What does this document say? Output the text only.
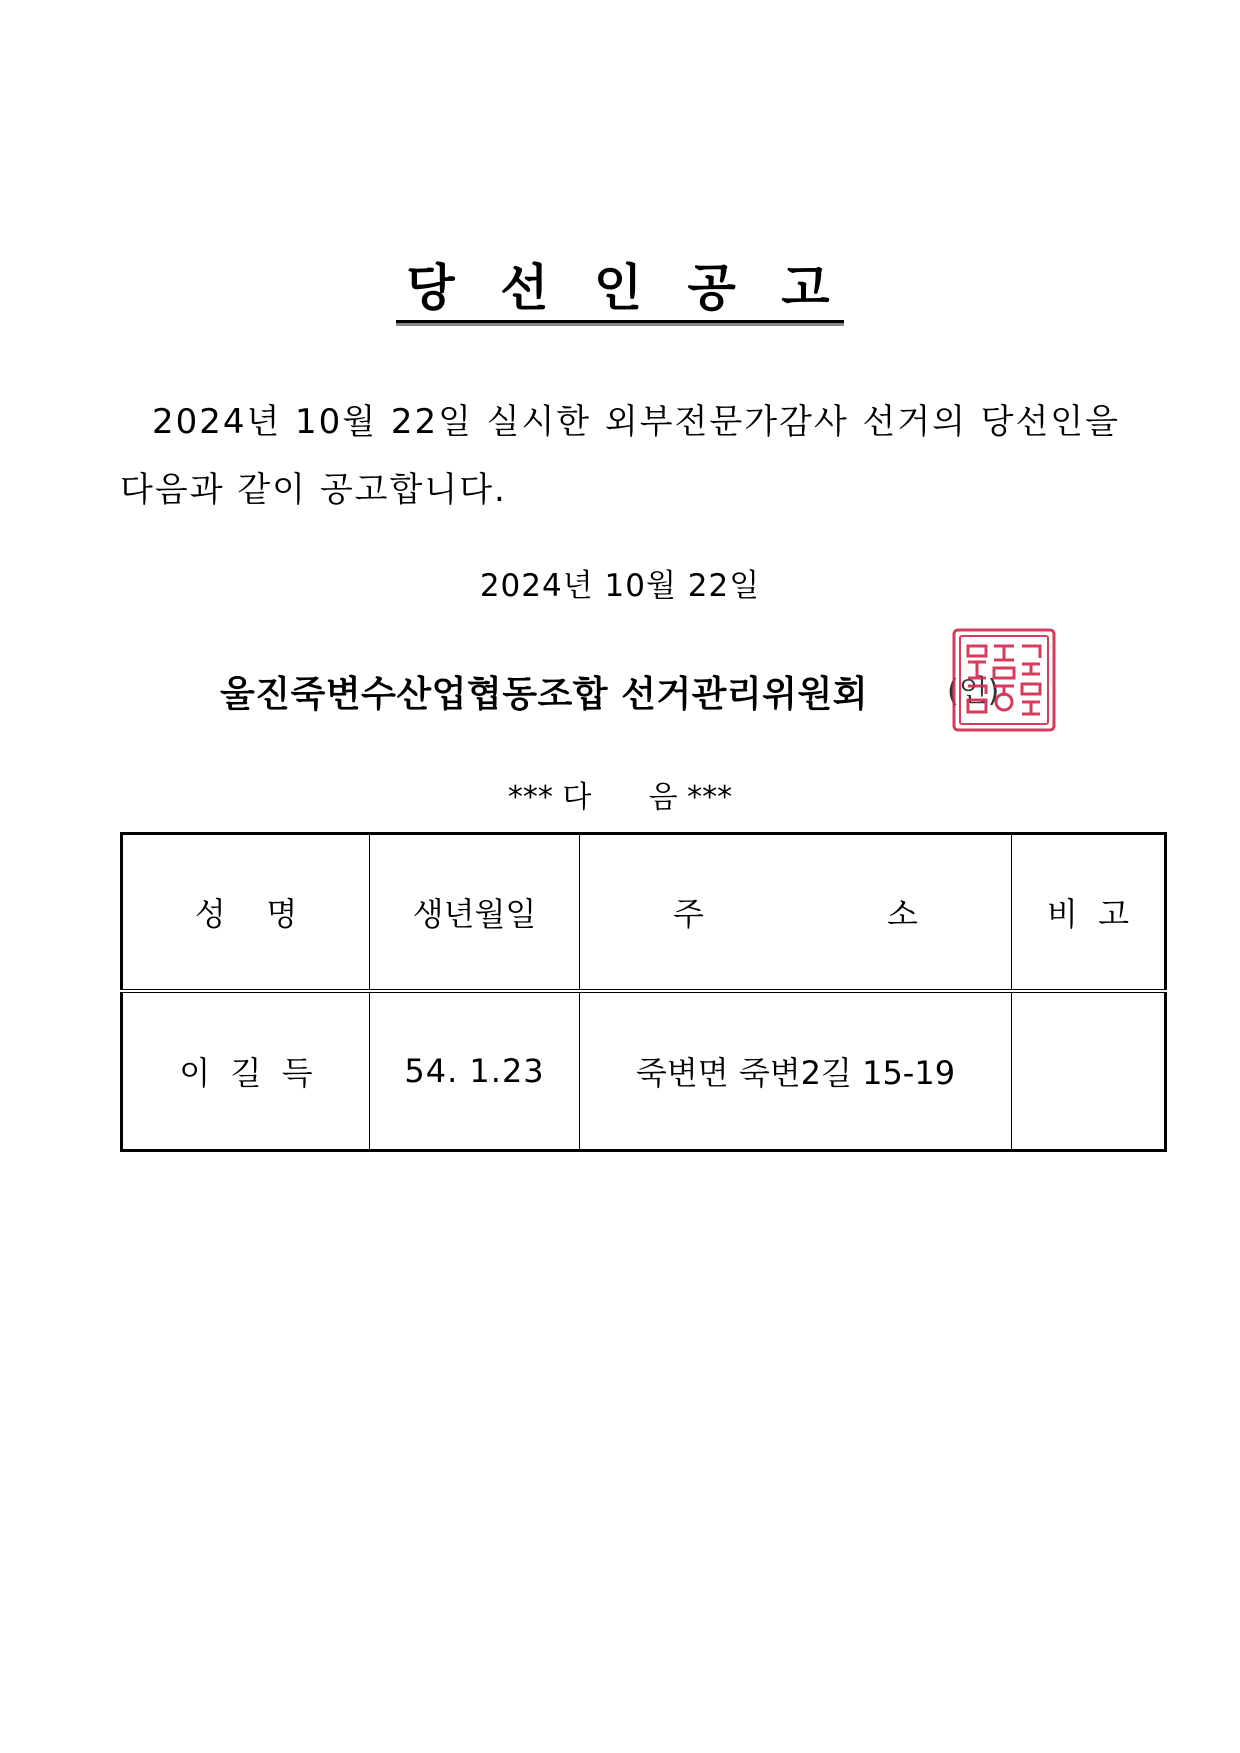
당 선 인 공 고
2024년 10월 22일 실시한 외부전문가감사 선거의 당선인을 다음과 같이 공고합니다.
2024년 10월 22일
울진죽변수산업협동조합 선거관리위원회	(인)
*** 다      음 ***
성    명	생년월일	주                  소	비  고
이  길  득	54. 1.23	죽변면 죽변2길 15-19	
